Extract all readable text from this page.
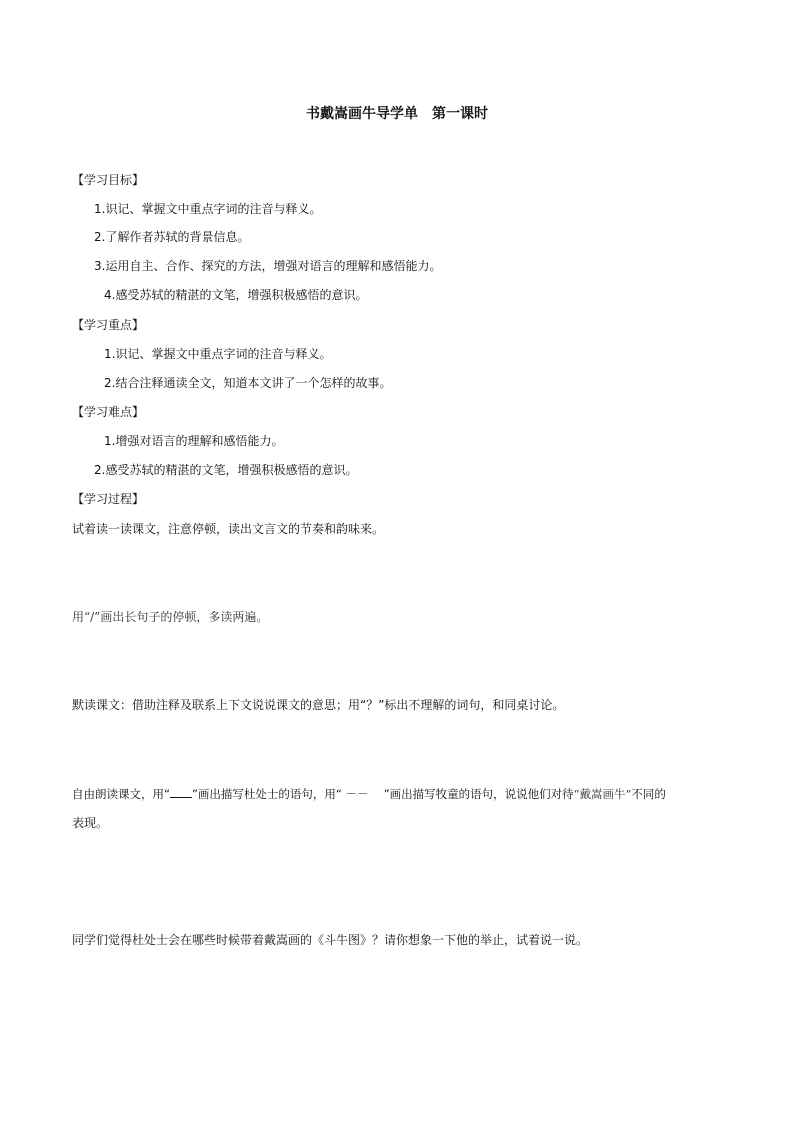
书戴嵩画牛导学单　第一课时
【学习目标】
1.识记、掌握文中重点字词的注音与释义。
2.了解作者苏轼的背景信息。
3.运用自主、合作、探究的方法，增强对语言的理解和感悟能力。
4.感受苏轼的精湛的文笔，增强积极感悟的意识。
【学习重点】
1.识记、掌握文中重点字词的注音与释义。
2.结合注释通读全文，知道本文讲了一个怎样的故事。
【学习难点】
1.增强对语言的理解和感悟能力。
2.感受苏轼的精湛的文笔，增强积极感悟的意识。
【学习过程】
试着读一读课文，注意停顿，读出文言文的节奏和韵味来。
用“/”画出长句子的停顿，多读两遍。
默读课文：借助注释及联系上下文说说课文的意思；用“？”标出不理解的词句，和同桌讨论。
自由朗读课文，用“ ”画出描写杜处士的语句，用“ －－　 ”画出描写牧童的语句，说说他们对待“戴嵩画牛”不同的
表现。
同学们觉得杜处士会在哪些时候带着戴嵩画的《斗牛图》？请你想象一下他的举止，试着说一说。
